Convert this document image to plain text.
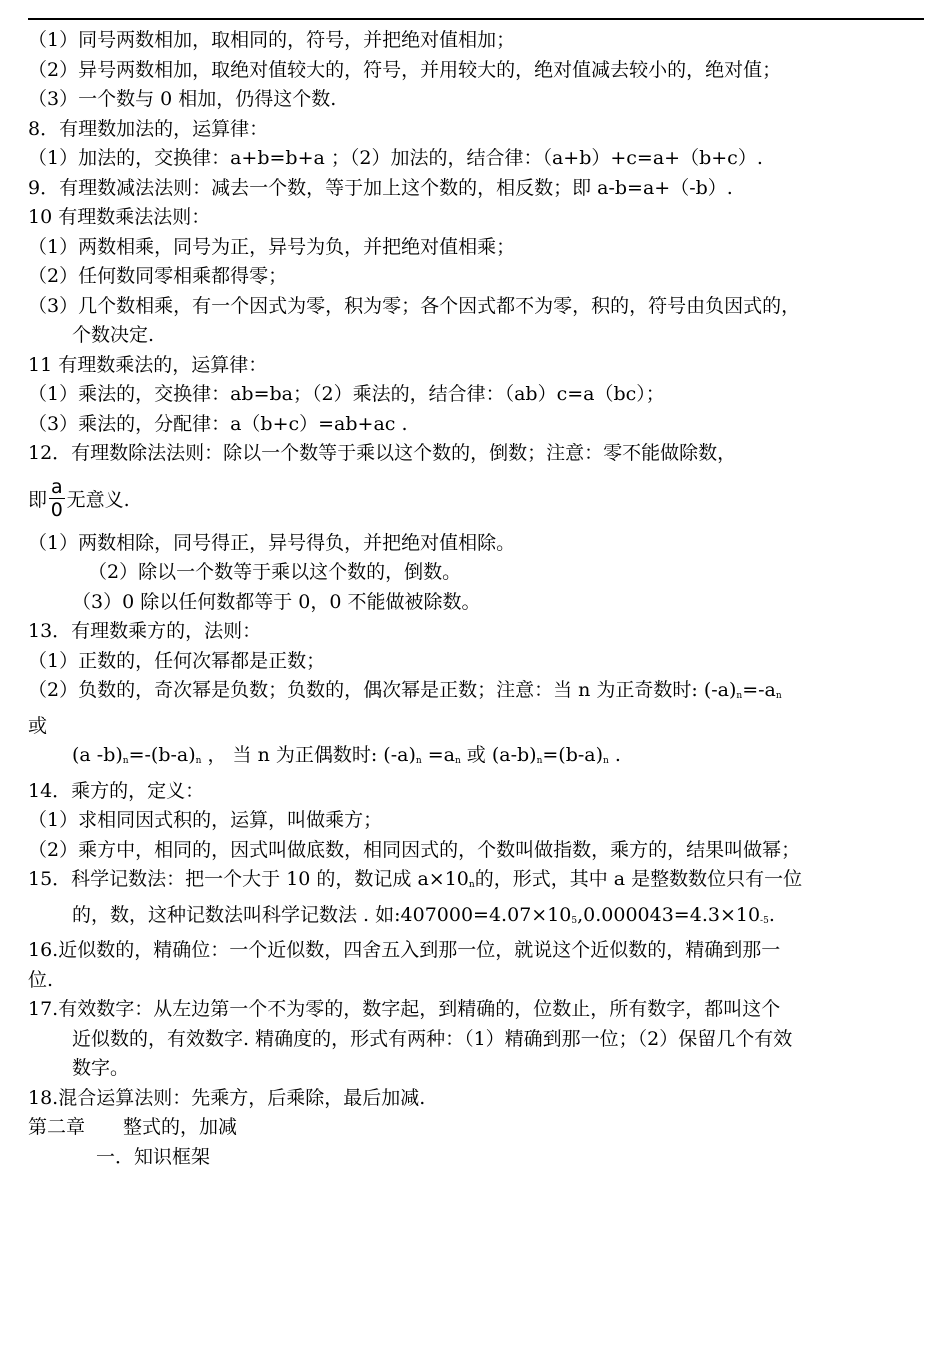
（1）同号两数相加，取相同的，符号，并把绝对值相加；
（2）异号两数相加，取绝对值较大的，符号，并用较大的，绝对值减去较小的，绝对值；
（3）一个数与 0 相加，仍得这个数.
8．有理数加法的，运算律：
（1）加法的，交换律：a+b=b+a ；（2）加法的，结合律：（a+b）+c=a+（b+c）.
9．有理数减法法则：减去一个数，等于加上这个数的，相反数；即 a-b=a+（-b）.
10 有理数乘法法则：
（1）两数相乘，同号为正，异号为负，并把绝对值相乘；
（2）任何数同零相乘都得零；
（3）几个数相乘，有一个因式为零，积为零；各个因式都不为零，积的，符号由负因式的，
个数决定.
11 有理数乘法的，运算律：
（1）乘法的，交换律：ab=ba；（2）乘法的，结合律：（ab）c=a（bc）；
（3）乘法的，分配律：a（b+c）=ab+ac .
12．有理数除法法则：除以一个数等于乘以这个数的，倒数；注意：零不能做除数，
即 $\frac{a}{0}$ 无意义.
（1）两数相除，同号得正，异号得负，并把绝对值相除。
（2）除以一个数等于乘以这个数的，倒数。
（3）0 除以任何数都等于 0，0 不能做被除数。
13．有理数乘方的，法则：
（1）正数的，任何次幂都是正数；
（2）负数的，奇次幂是负数；负数的，偶次幂是正数；注意：当 n 为正奇数时: $(-a)_n=-a_n$
或
(a $-b)_n=-(b-a)_n$ ， 当 n 为正偶数时: $(-a)_n =a_n$ 或 $(a-b)_n=(b-a)_n$ .
14．乘方的，定义：
（1）求相同因式积的，运算，叫做乘方；
（2）乘方中，相同的，因式叫做底数，相同因式的，个数叫做指数，乘方的，结果叫做幂；
15．科学记数法：把一个大于 10 的，数记成 $a\times 10_n$的，形式，其中 a 是整数数位只有一位
的，数，这种记数法叫科学记数法 . 如$:407000=4.07\times 10_5,0.000043=4.3\times 10_{-5}$.
16.近似数的，精确位：一个近似数，四舍五入到那一位，就说这个近似数的，精确到那一
位.
17.有效数字：从左边第一个不为零的，数字起，到精确的，位数止，所有数字，都叫这个
近似数的，有效数字. 精确度的，形式有两种：（1）精确到那一位；（2）保留几个有效
数字。
18.混合运算法则：先乘方，后乘除，最后加减.
第二章 整式的，加减
一．知识框架
